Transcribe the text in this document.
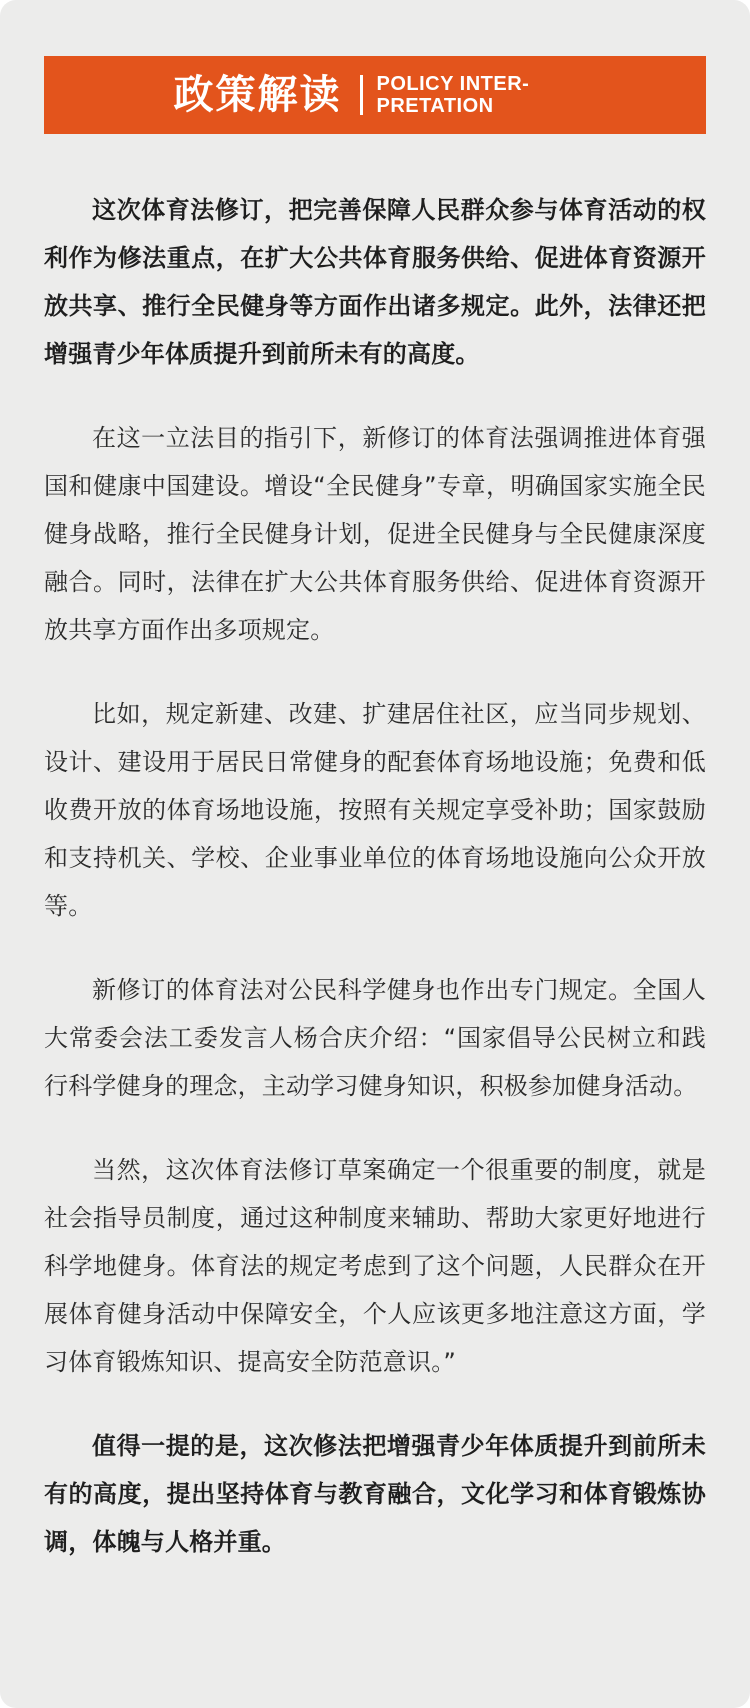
政策解读 POLICY INTER-PRETATION

这次体育法修订，把完善保障人民群众参与体育活动的权利作为修法重点，在扩大公共体育服务供给、促进体育资源开放共享、推行全民健身等方面作出诸多规定。此外，法律还把增强青少年体质提升到前所未有的高度。

在这一立法目的指引下，新修订的体育法强调推进体育强国和健康中国建设。增设“全民健身”专章，明确国家实施全民健身战略，推行全民健身计划，促进全民健身与全民健康深度融合。同时，法律在扩大公共体育服务供给、促进体育资源开放共享方面作出多项规定。

比如，规定新建、改建、扩建居住社区，应当同步规划、设计、建设用于居民日常健身的配套体育场地设施；免费和低收费开放的体育场地设施，按照有关规定享受补助；国家鼓励和支持机关、学校、企业事业单位的体育场地设施向公众开放等。

新修订的体育法对公民科学健身也作出专门规定。全国人大常委会法工委发言人杨合庆介绍：“国家倡导公民树立和践行科学健身的理念，主动学习健身知识，积极参加健身活动。

当然，这次体育法修订草案确定一个很重要的制度，就是社会指导员制度，通过这种制度来辅助、帮助大家更好地进行科学地健身。体育法的规定考虑到了这个问题，人民群众在开展体育健身活动中保障安全，个人应该更多地注意这方面，学习体育锻炼知识、提高安全防范意识。”

值得一提的是，这次修法把增强青少年体质提升到前所未有的高度，提出坚持体育与教育融合，文化学习和体育锻炼协调，体魄与人格并重。
